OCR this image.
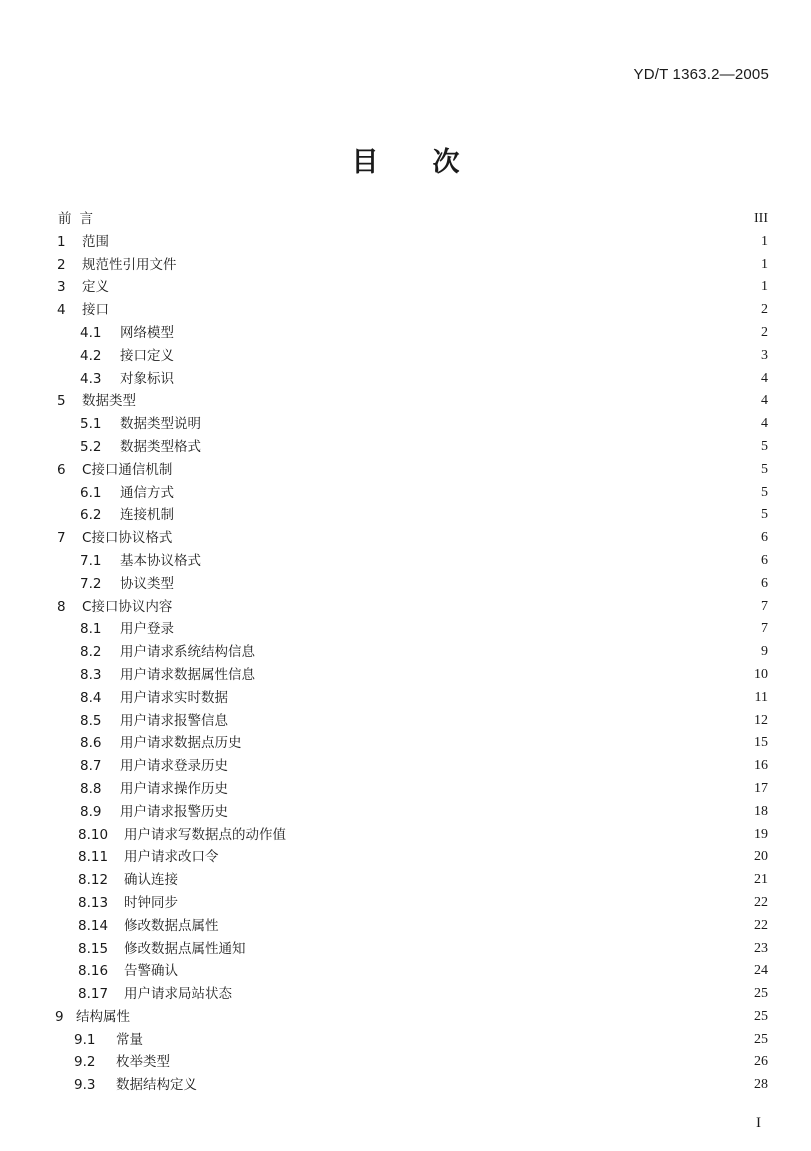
YD/T 1363.2—2005
目 次
前言	III
1 范围	1
2 规范性引用文件	1
3 定义	1
4 接口	2
4.1 网络模型	2
4.2 接口定义	3
4.3 对象标识	4
5 数据类型	4
5.1 数据类型说明	4
5.2 数据类型格式	5
6 C接口通信机制	5
6.1 通信方式	5
6.2 连接机制	5
7 C接口协议格式	6
7.1 基本协议格式	6
7.2 协议类型	6
8 C接口协议内容	7
8.1 用户登录	7
8.2 用户请求系统结构信息	9
8.3 用户请求数据属性信息	10
8.4 用户请求实时数据	11
8.5 用户请求报警信息	12
8.6 用户请求数据点历史	15
8.7 用户请求登录历史	16
8.8 用户请求操作历史	17
8.9 用户请求报警历史	18
8.10 用户请求写数据点的动作值	19
8.11 用户请求改口令	20
8.12 确认连接	21
8.13 时钟同步	22
8.14 修改数据点属性	22
8.15 修改数据点属性通知	23
8.16 告警确认	24
8.17 用户请求局站状态	25
9 结构属性	25
9.1 常量	25
9.2 枚举类型	26
9.3 数据结构定义	28
I
